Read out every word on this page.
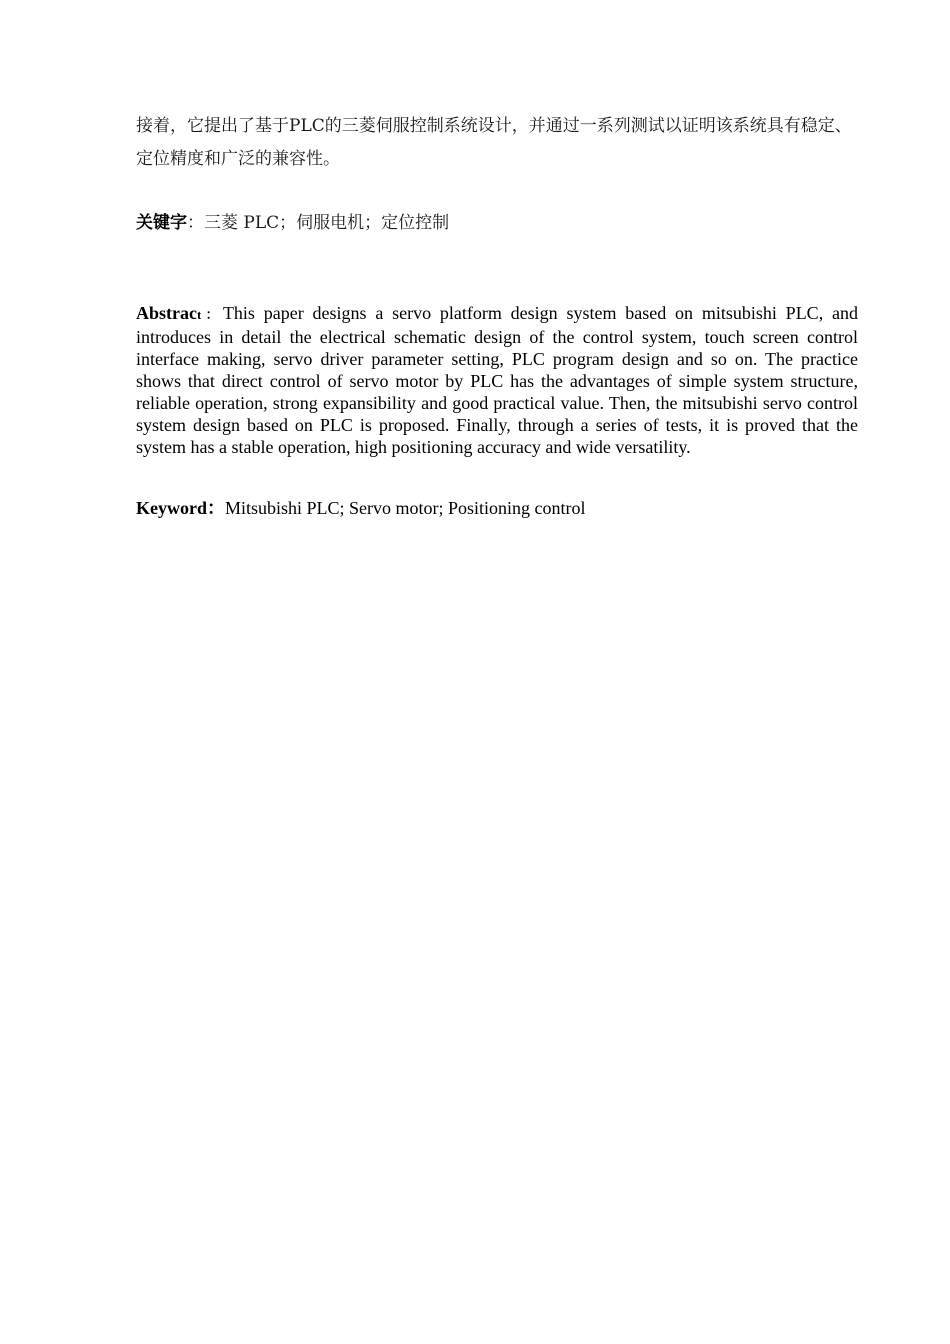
接着，它提出了基于PLC的三菱伺服控制系统设计，并通过一系列测试以证明该系统具有稳定、定位精度和广泛的兼容性。

关键字：三菱 PLC；伺服电机；定位控制

Abstract：This paper designs a servo platform design system based on mitsubishi PLC, and introduces in detail the electrical schematic design of the control system, touch screen control interface making, servo driver parameter setting, PLC program design and so on. The practice shows that direct control of servo motor by PLC has the advantages of simple system structure, reliable operation, strong expansibility and good practical value. Then, the mitsubishi servo control system design based on PLC is proposed. Finally, through a series of tests, it is proved that the system has a stable operation, high positioning accuracy and wide versatility.

Keyword：Mitsubishi PLC; Servo motor; Positioning control
